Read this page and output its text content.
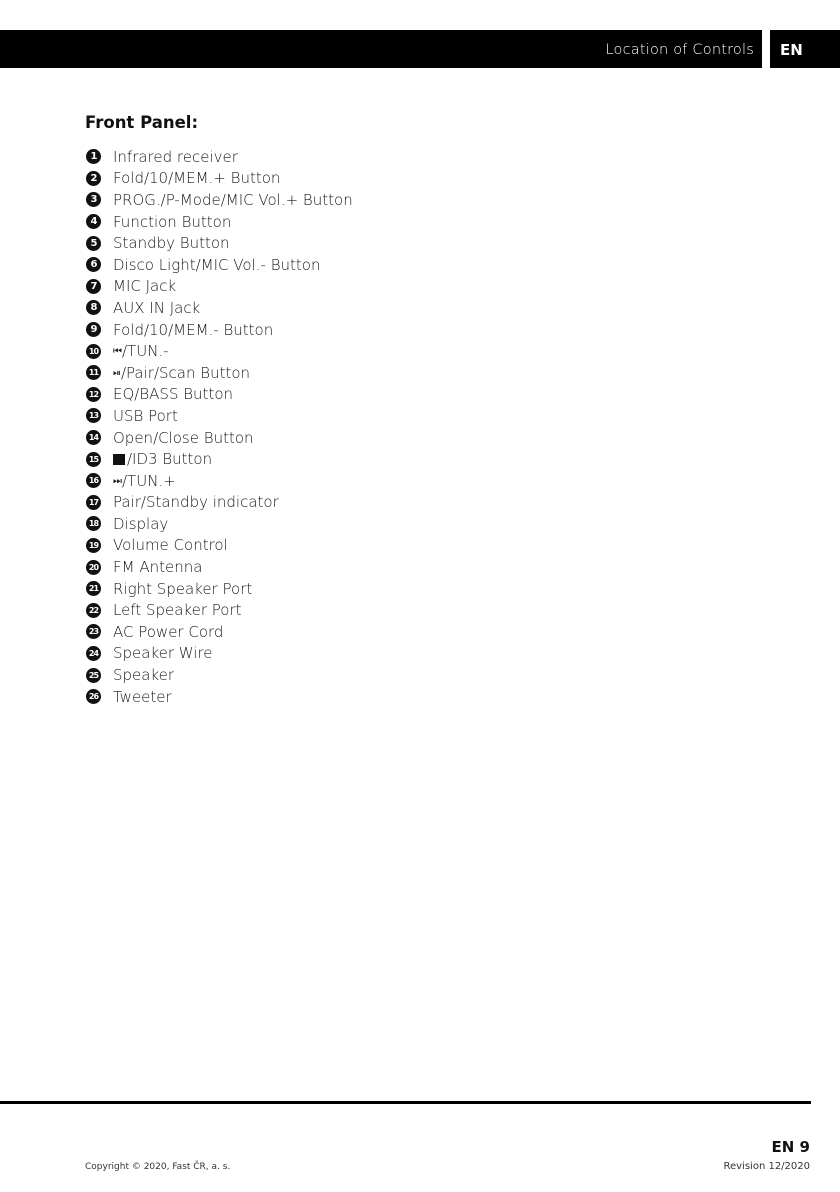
Location of Controls EN
Front Panel:
1	Infrared receiver
2	Fold/10/MEM.+ Button
3	PROG./P-Mode/MIC Vol.+ Button
4	Function Button
5	Standby Button
6	Disco Light/MIC Vol.- Button
7	MIC Jack
8	AUX IN Jack
9	Fold/10/MEM.- Button
10 ⏮/TUN.-
11 ⏯/Pair/Scan Button
12 EQ/BASS Button
13 USB Port
14 Open/Close Button
15	/ID3 Button
16 ⏭/TUN.+
17 Pair/Standby indicator
18 Display
19 Volume Control
20 FM Antenna
21 Right Speaker Port
22 Left Speaker Port
23 AC Power Cord
24 Speaker Wire
25 Speaker
26 Tweeter
EN 9
Copyright © 2020, Fast ČR, a. s.	Revision 12/2020
